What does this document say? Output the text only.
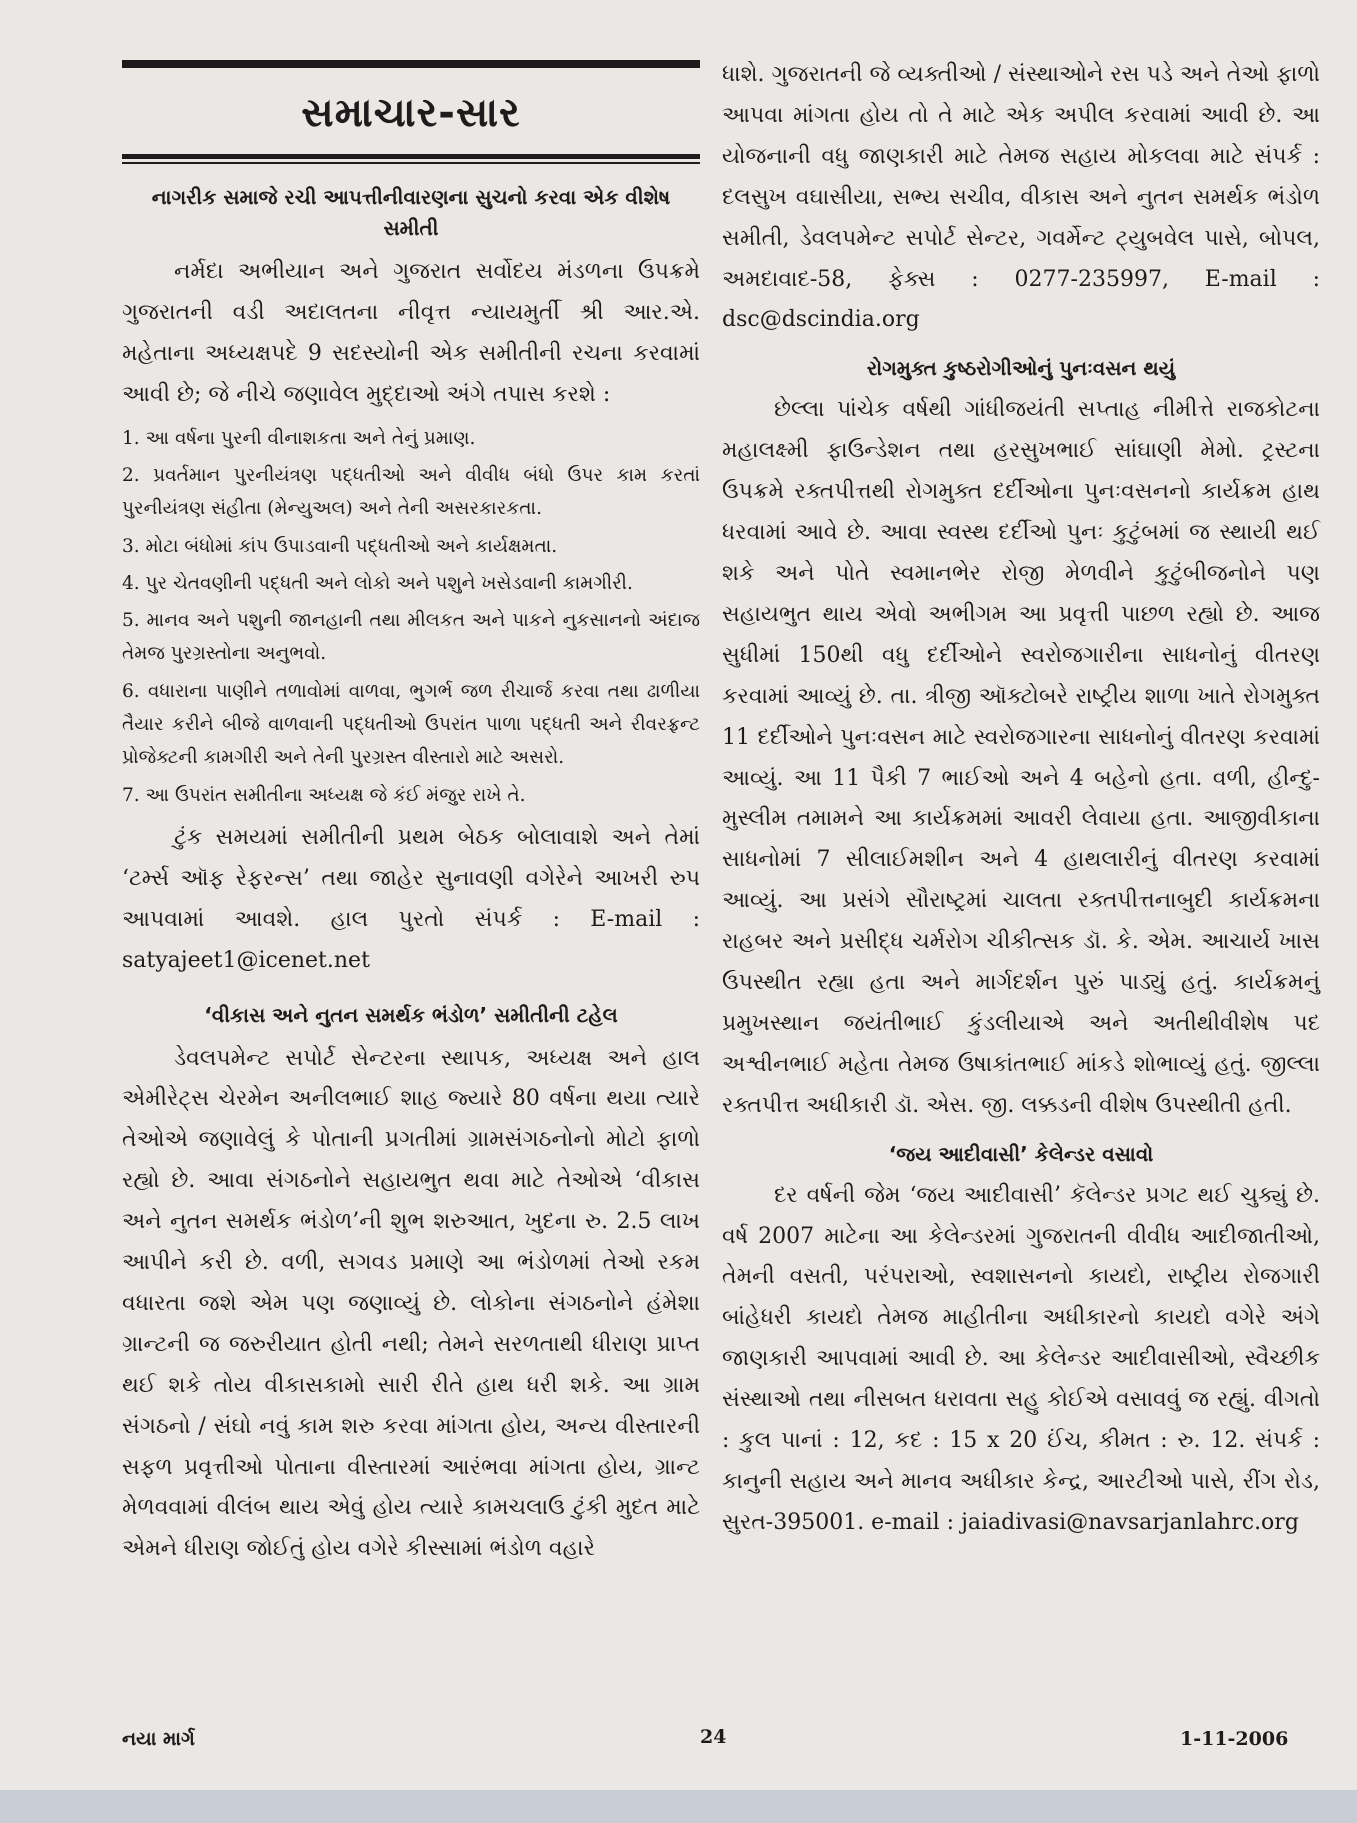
સમાચાર-સાર
નાગરીક સમાજે રચી આપત્તીનીવારણના સુચનો કરવા એક વીશેષ સમીતી

નર્મદા અભીયાન અને ગુજરાત સર્વોદય મંડળના ઉપક્રમે ગુજરાતની વડી અદાલતના નીવૃત્ત ન્યાયમુર્તી શ્રી આર.એ. મહેતાના અધ્યક્ષપદે 9 સદસ્યોની એક સમીતીની રચના કરવામાં આવી છે; જે નીચે જણાવેલ મુદ્દાઓ અંગે તપાસ કરશે :

1. આ વર્ષના પુરની વીનાશકતા અને તેનું પ્રમાણ.
2. પ્રવર્તમાન પુરનીયંત્રણ પદ્ધતીઓ અને વીવીધ બંધો ઉપર કામ કરતાં પુરનીયંત્રણ સંહીતા (મેન્યુઅલ) અને તેની અસરકારકતા.
3. મોટા બંધોમાં કાંપ ઉપાડવાની પદ્ધતીઓ અને કાર્યક્ષમતા.
4. પુર ચેતવણીની પદ્ધતી અને લોકો અને પશુને ખસેડવાની કામગીરી.
5. માનવ અને પશુની જાનહાની તથા મીલકત અને પાકને નુકસાનનો અંદાજ તેમજ પુરગ્રસ્તોના અનુભવો.
6. વધારાના પાણીને તળાવોમાં વાળવા, ભુગર્ભ જળ રીચાર્જ કરવા તથા ઢાળીયા તૈયાર કરીને બીજે વાળવાની પદ્ધતીઓ ઉપરાંત પાળા પદ્ધતી અને રીવરફ્રન્ટ પ્રોજેક્ટની કામગીરી અને તેની પુરગ્રસ્ત વીસ્તારો માટે અસરો.
7. આ ઉપરાંત સમીતીના અધ્યક્ષ જે કંઈ મંજુર રાખે તે.

ટુંક સમયમાં સમીતીની પ્રથમ બેઠક બોલાવાશે અને તેમાં ‘ટર્મ્સ ઑફ રેફરન્સ’ તથા જાહેર સુનાવણી વગેરેને આખરી રુપ આપવામાં આવશે. હાલ પુરતો સંપર્ક : E-mail : satyajeet1@icenet.net

‘વીકાસ અને નુતન સમર્થક ભંડોળ’ સમીતીની ટહેલ

ડેવલપમેન્ટ સપોર્ટ સેન્ટરના સ્થાપક, અધ્યક્ષ અને હાલ એમીરેટ્સ ચેરમેન અનીલભાઈ શાહ જ્યારે 80 વર્ષના થયા ત્યારે તેઓએ જણાવેલું કે પોતાની પ્રગતીમાં ગ્રામસંગઠનોનો મોટો ફાળો રહ્યો છે. આવા સંગઠનોને સહાયભુત થવા માટે તેઓએ ‘વીકાસ અને નુતન સમર્થક ભંડોળ’ની શુભ શરુઆત, ખુદના રુ. 2.5 લાખ આપીને કરી છે. વળી, સગવડ પ્રમાણે આ ભંડોળમાં તેઓ રકમ વધારતા જશે એમ પણ જણાવ્યું છે. લોકોના સંગઠનોને હંમેશા ગ્રાન્ટની જ જરુરીયાત હોતી નથી; તેમને સરળતાથી ધીરાણ પ્રાપ્ત થઈ શકે તોય વીકાસકામો સારી રીતે હાથ ધરી શકે. આ ગ્રામ સંગઠનો / સંઘો નવું કામ શરુ કરવા માંગતા હોય, અન્ય વીસ્તારની સફળ પ્રવૃત્તીઓ પોતાના વીસ્તારમાં આરંભવા માંગતા હોય, ગ્રાન્ટ મેળવવામાં વીલંબ થાય એવું હોય ત્યારે કામચલાઉ ટુંકી મુદત માટે એમને ધીરાણ જોઈતું હોય વગેરે કીસ્સામાં ભંડોળ વહારે

ધાશે. ગુજરાતની જે વ્યક્તીઓ / સંસ્થાઓને રસ પડે અને તેઓ ફાળો આપવા માંગતા હોય તો તે માટે એક અપીલ કરવામાં આવી છે. આ યોજનાની વધુ જાણકારી માટે તેમજ સહાય મોકલવા માટે સંપર્ક : દલસુખ વઘાસીયા, સભ્ય સચીવ, વીકાસ અને નુતન સમર્થક ભંડોળ સમીતી, ડેવલપમેન્ટ સપોર્ટ સેન્ટર, ગવર્મેન્ટ ટ્યુબવેલ પાસે, બોપલ, અમદાવાદ-58, ફેક્સ : 0277-235997, E-mail : dsc@dscindia.org

રોગમુક્ત કુષ્ઠરોગીઓનું પુનઃવસન થયું

છેલ્લા પાંચેક વર્ષથી ગાંધીજયંતી સપ્તાહ નીમીત્તે રાજકોટના મહાલક્ષ્મી ફાઉન્ડેશન તથા હરસુખભાઈ સાંઘાણી મેમો. ટ્રસ્ટના ઉપક્રમે રક્તપીત્તથી રોગમુક્ત દર્દીઓના પુનઃવસનનો કાર્યક્રમ હાથ ધરવામાં આવે છે. આવા સ્વસ્થ દર્દીઓ પુનઃ કુટુંબમાં જ સ્થાયી થઈ શકે અને પોતે સ્વમાનભેર રોજી મેળવીને કુટુંબીજનોને પણ સહાયભુત થાય એવો અભીગમ આ પ્રવૃત્તી પાછળ રહ્યો છે. આજ સુધીમાં 150થી વધુ દર્દીઓને સ્વરોજગારીના સાધનોનું વીતરણ કરવામાં આવ્યું છે. તા. ત્રીજી ઑક્ટોબરે રાષ્ટ્રીય શાળા ખાતે રોગમુક્ત 11 દર્દીઓને પુનઃવસન માટે સ્વરોજગારના સાધનોનું વીતરણ કરવામાં આવ્યું. આ 11 પૈકી 7 ભાઈઓ અને 4 બહેનો હતા. વળી, હીન્દુ-મુસ્લીમ તમામને આ કાર્યક્રમમાં આવરી લેવાયા હતા. આજીવીકાના સાધનોમાં 7 સીલાઈમશીન અને 4 હાથલારીનું વીતરણ કરવામાં આવ્યું. આ પ્રસંગે સૌરાષ્ટ્રમાં ચાલતા રક્તપીત્તનાબુદી કાર્યક્રમના રાહબર અને પ્રસીદ્ધ ચર્મરોગ ચીકીત્સક ડૉ. કે. એમ. આચાર્ય ખાસ ઉપસ્થીત રહ્યા હતા અને માર્ગદર્શન પુરું પાડ્યું હતું. કાર્યક્રમનું પ્રમુખસ્થાન જયંતીભાઈ કુંડલીયાએ અને અતીથીવીશેષ પદ અશ્વીનભાઈ મહેતા તેમજ ઉષાકાંતભાઈ માંકડે શોભાવ્યું હતું. જીલ્લા રક્તપીત્ત અધીકારી ડૉ. એસ. જી. લક્કડની વીશેષ ઉપસ્થીતી હતી.

‘જય આદીવાસી’ કેલેન્ડર વસાવો

દર વર્ષની જેમ ‘જય આદીવાસી’ કૅલેન્ડર પ્રગટ થઈ ચુક્યું છે. વર્ષ 2007 માટેના આ કેલેન્ડરમાં ગુજરાતની વીવીધ આદીજાતીઓ, તેમની વસતી, પરંપરાઓ, સ્વશાસનનો કાયદો, રાષ્ટ્રીય રોજગારી બાંહેધરી કાયદો તેમજ માહીતીના અધીકારનો કાયદો વગેરે અંગે જાણકારી આપવામાં આવી છે. આ કેલેન્ડર આદીવાસીઓ, સ્વૈચ્છીક સંસ્થાઓ તથા નીસબત ધરાવતા સહુ કોઈએ વસાવવું જ રહ્યું. વીગતો : કુલ પાનાં : 12, કદ : 15 x 20 ઈંચ, કીમત : રુ. 12. સંપર્ક : કાનુની સહાય અને માનવ અધીકાર કેન્દ્ર, આરટીઓ પાસે, રીંગ રોડ, સુરત-395001. e-mail : jaiadivasi@navsarjanlahrc.org

નયા માર્ગ	24	1-11-2006
